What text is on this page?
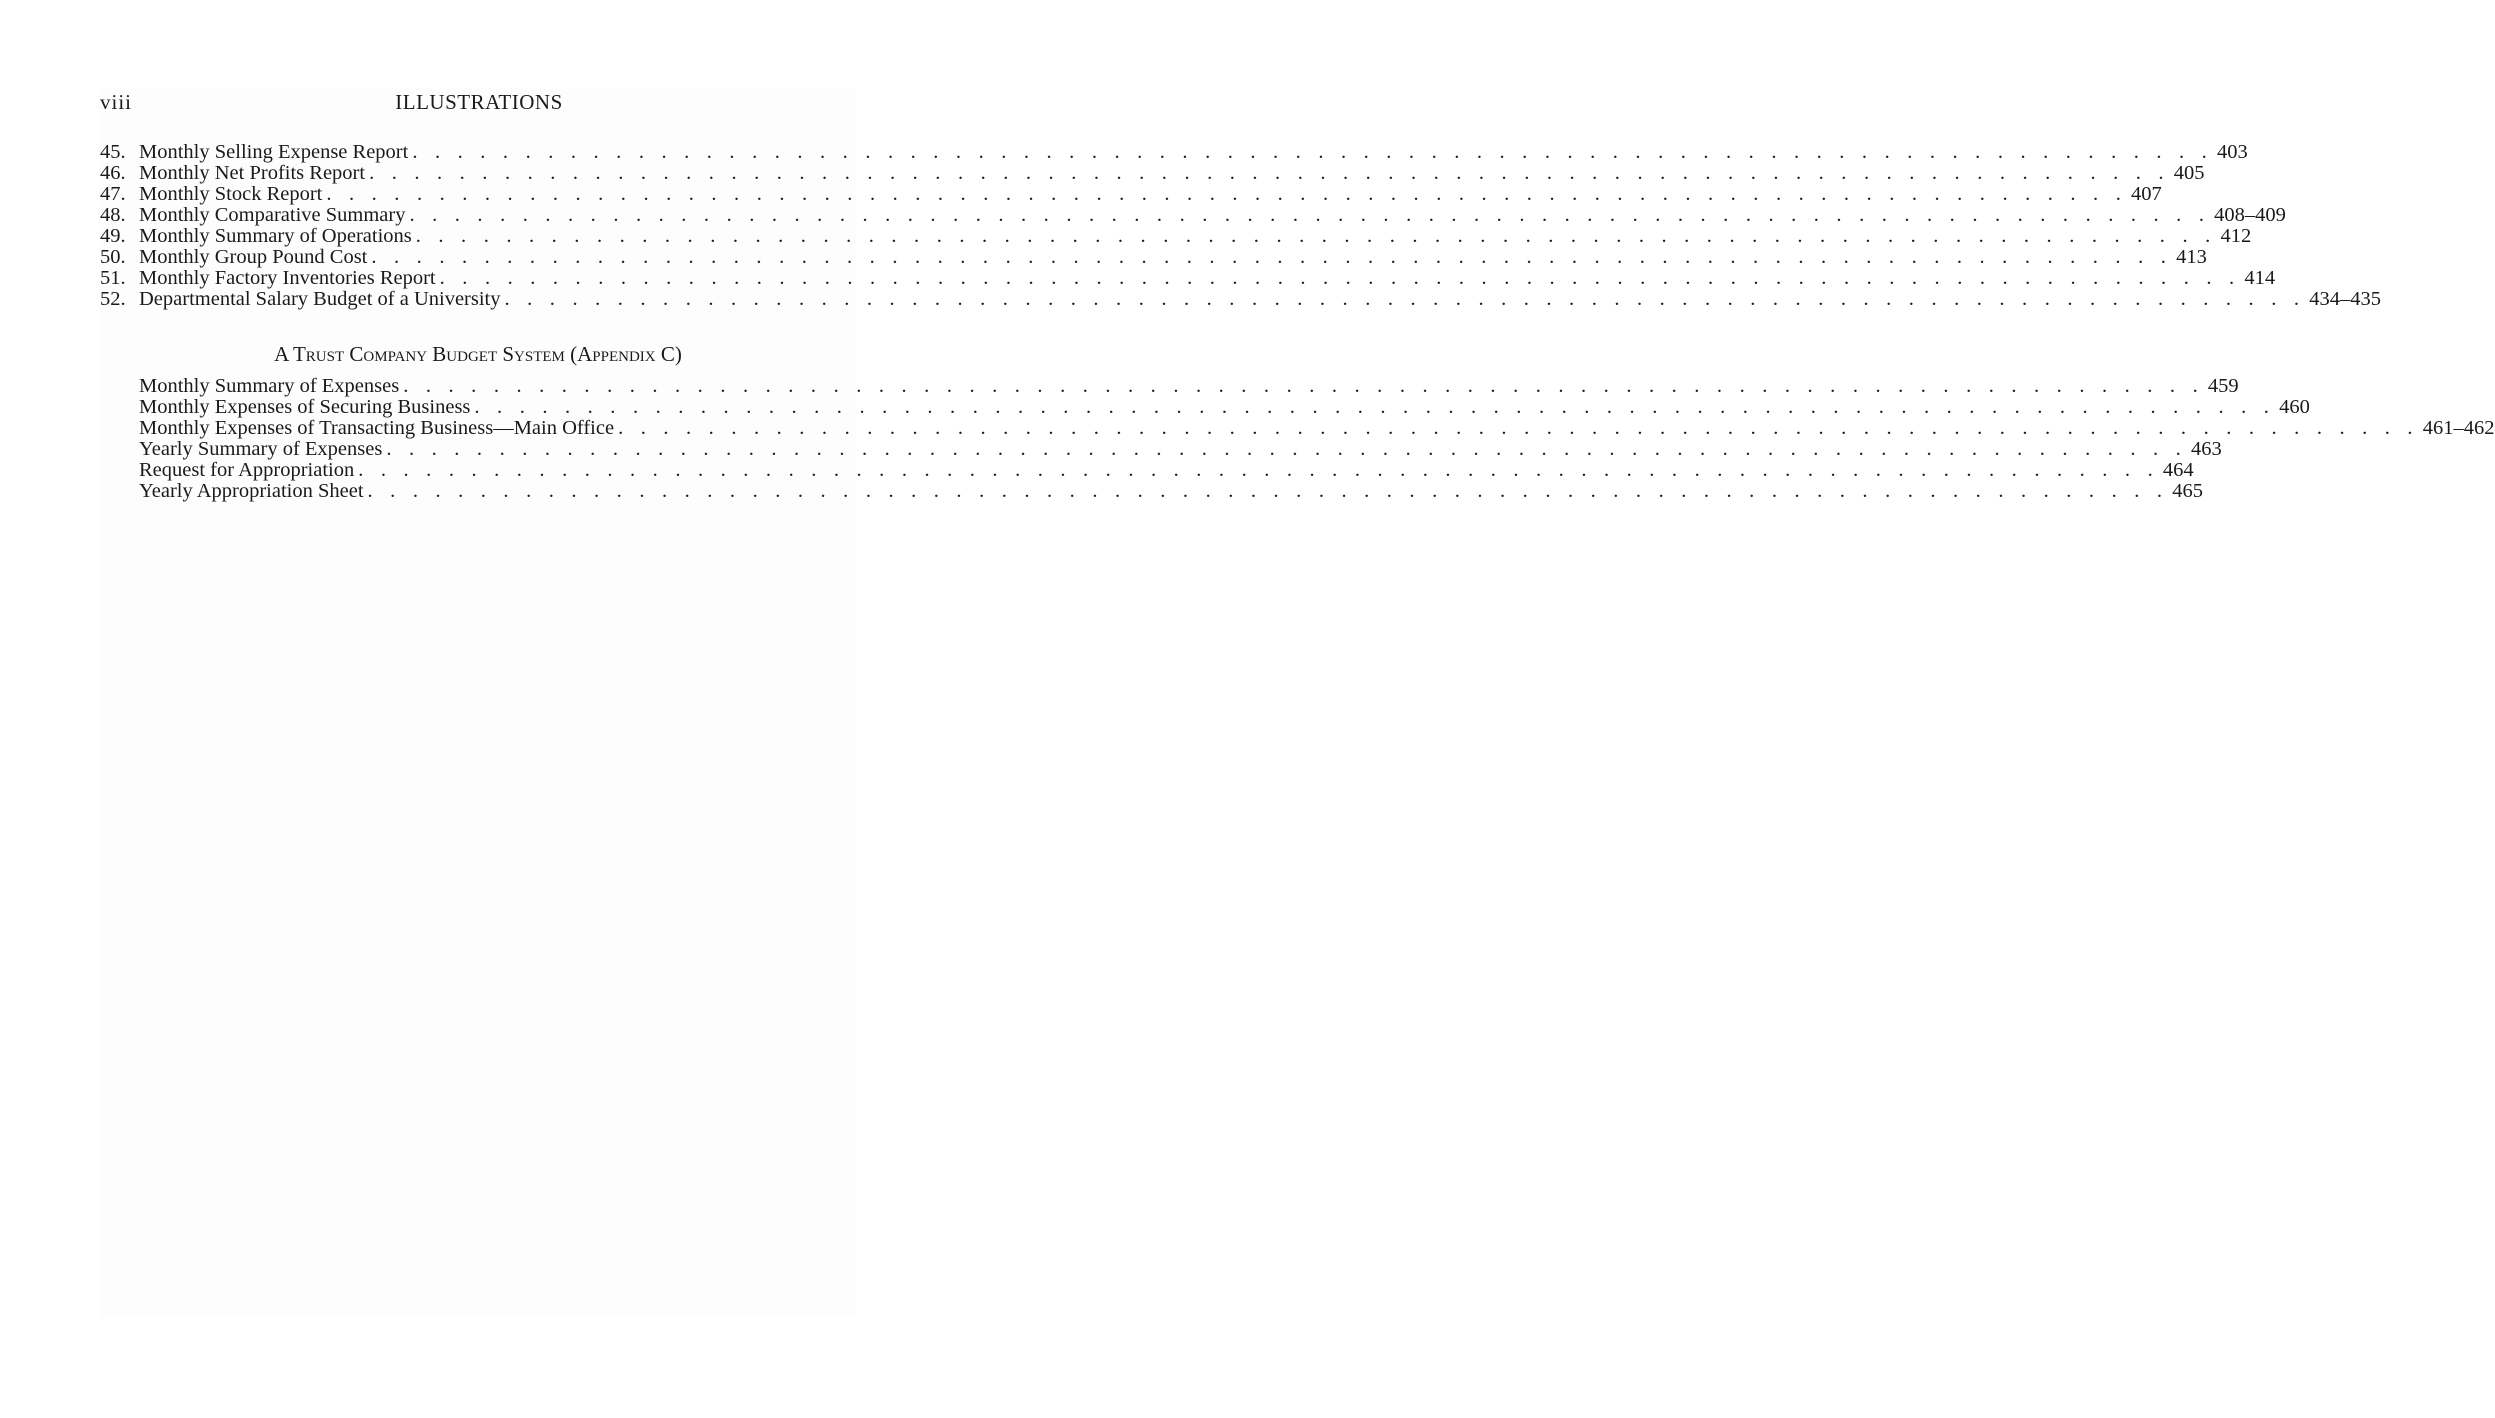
viii	ILLUSTRATIONS
45. Monthly Selling Expense Report . . . . . . . . . . . . . . . . . . . . . . . . . . . . . . . . . . . . . . . . . . . . . . . . . . . . . . . . . . . . . . . . . . . . . . . . . . . . . . . . 403
46. Monthly Net Profits Report . . . . . . . . . . . . . . . . . . . . . . . . . . . . . . . . . . . . . . . . . . . . . . . . . . . . . . . . . . . . . . . . . . . . . . . . . . . . . . . . 405
47. Monthly Stock Report . . . . . . . . . . . . . . . . . . . . . . . . . . . . . . . . . . . . . . . . . . . . . . . . . . . . . . . . . . . . . . . . . . . . . . . . . . . . . . . . 407
48. Monthly Comparative Summary . . . . . . . . . . . . . . . . . . . . . . . . . . . . . . . . . . . . . . . . . . . . . . . . . . . . . . . . . . . . . . . . . . . . . . . . . . . . . . . . 408–409
49. Monthly Summary of Operations . . . . . . . . . . . . . . . . . . . . . . . . . . . . . . . . . . . . . . . . . . . . . . . . . . . . . . . . . . . . . . . . . . . . . . . . . . . . . . . . 412
50. Monthly Group Pound Cost . . . . . . . . . . . . . . . . . . . . . . . . . . . . . . . . . . . . . . . . . . . . . . . . . . . . . . . . . . . . . . . . . . . . . . . . . . . . . . . . 413
51. Monthly Factory Inventories Report . . . . . . . . . . . . . . . . . . . . . . . . . . . . . . . . . . . . . . . . . . . . . . . . . . . . . . . . . . . . . . . . . . . . . . . . . . . . . . . . 414
52. Departmental Salary Budget of a University . . . . . . . . . . . . . . . . . . . . . . . . . . . . . . . . . . . . . . . . . . . . . . . . . . . . . . . . . . . . . . . . . . . . . . . . . . . . . . . . 434–435
A Trust Company Budget System (Appendix C)
Monthly Summary of Expenses . . . . . . . . . . . . . . . . . . . . . . . . . . . . . . . . . . . . . . . . . . . . . . . . . . . . . . . . . . . . . . . . . . . . . . . . . . . . . . . . 459
Monthly Expenses of Securing Business . . . . . . . . . . . . . . . . . . . . . . . . . . . . . . . . . . . . . . . . . . . . . . . . . . . . . . . . . . . . . . . . . . . . . . . . . . . . . . . . 460
Monthly Expenses of Transacting Business—Main Office . . . . . . . . . . . . . . . . . . . . . . . . . . . . . . . . . . . . . . . . . . . . . . . . . . . . . . . . . . . . . . . . . . . . . . . . . . . . . . . . 461–462
Yearly Summary of Expenses . . . . . . . . . . . . . . . . . . . . . . . . . . . . . . . . . . . . . . . . . . . . . . . . . . . . . . . . . . . . . . . . . . . . . . . . . . . . . . . . 463
Request for Appropriation . . . . . . . . . . . . . . . . . . . . . . . . . . . . . . . . . . . . . . . . . . . . . . . . . . . . . . . . . . . . . . . . . . . . . . . . . . . . . . . . 464
Yearly Appropriation Sheet . . . . . . . . . . . . . . . . . . . . . . . . . . . . . . . . . . . . . . . . . . . . . . . . . . . . . . . . . . . . . . . . . . . . . . . . . . . . . . . . 465
